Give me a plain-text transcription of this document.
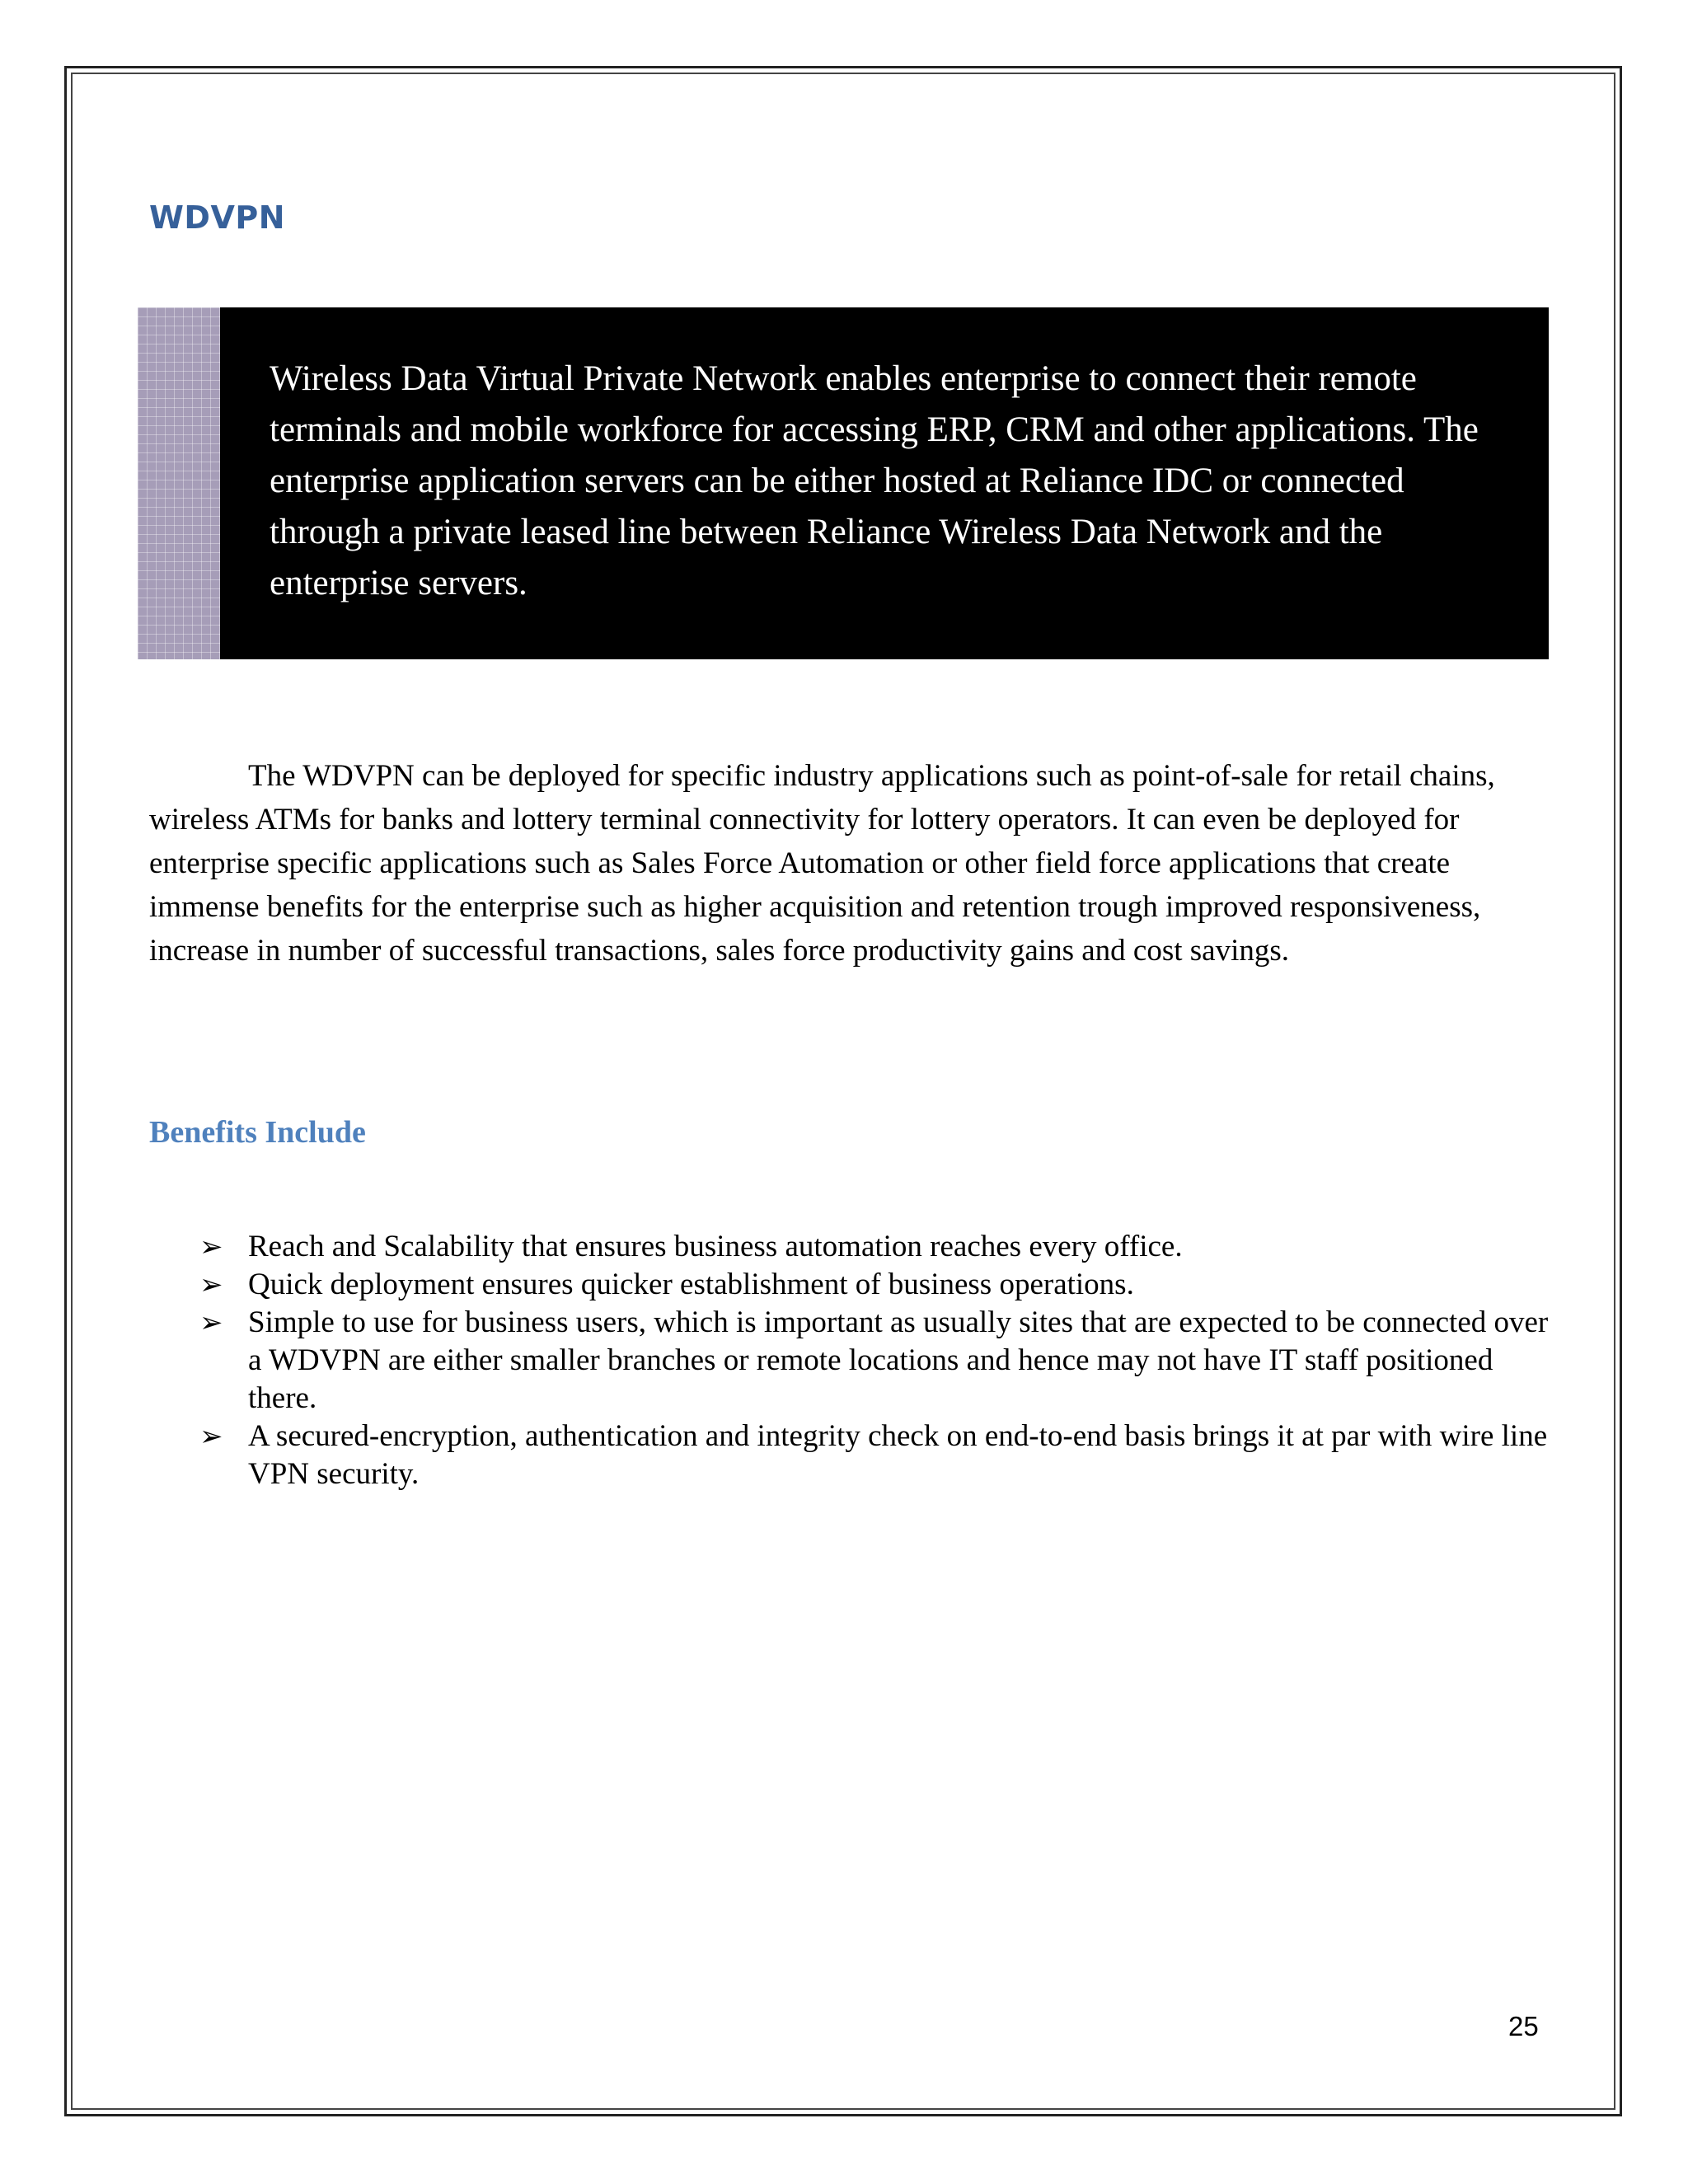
WDVPN

Wireless Data Virtual Private Network enables enterprise to connect their remote terminals and mobile workforce for accessing ERP, CRM and other applications. The enterprise application servers can be either hosted at Reliance IDC or connected through a private leased line between Reliance Wireless Data Network and the enterprise servers.

The WDVPN can be deployed for specific industry applications such as point-of-sale for retail chains, wireless ATMs for banks and lottery terminal connectivity for lottery operators. It can even be deployed for enterprise specific applications such as Sales Force Automation or other field force applications that create immense benefits for the enterprise such as higher acquisition and retention trough improved responsiveness, increase in number of successful transactions, sales force productivity gains and cost savings.

Benefits Include
➢ Reach and Scalability that ensures business automation reaches every office.
➢ Quick deployment ensures quicker establishment of business operations.
➢ Simple to use for business users, which is important as usually sites that are expected to be connected over a WDVPN are either smaller branches or remote locations and hence may not have IT staff positioned there.
➢ A secured-encryption, authentication and integrity check on end-to-end basis brings it at par with wire line VPN security.
25
